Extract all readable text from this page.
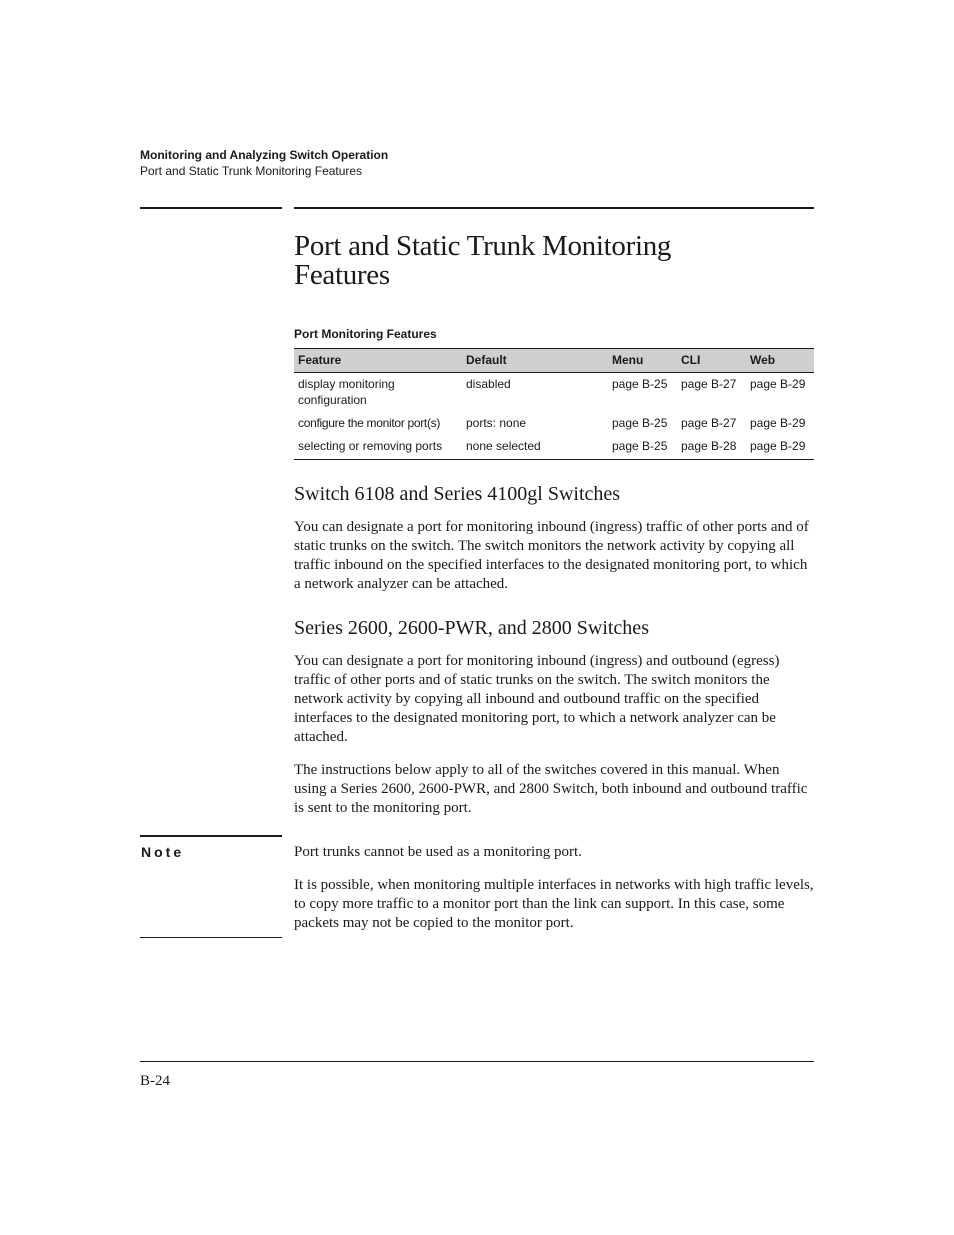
Monitoring and Analyzing Switch Operation
Port and Static Trunk Monitoring Features
Port and Static Trunk Monitoring
Features
Port Monitoring Features
Feature	Default	Menu	CLI	Web
display monitoring
configuration	disabled	page B-25	page B-27	page B-29
configure the monitor port(s)	ports: none	page B-25	page B-27	page B-29
selecting or removing ports	none selected	page B-25	page B-28	page B-29
Switch 6108 and Series 4100gl Switches

You can designate a port for monitoring inbound (ingress) traffic of other ports and of static trunks on the switch. The switch monitors the network activity by copying all traffic inbound on the specified interfaces to the designated monitoring port, to which a network analyzer can be attached.

Series 2600, 2600-PWR, and 2800 Switches

You can designate a port for monitoring inbound (ingress) and outbound (egress) traffic of other ports and of static trunks on the switch. The switch monitors the network activity by copying all inbound and outbound traffic on the specified interfaces to the designated monitoring port, to which a network analyzer can be attached.

The instructions below apply to all of the switches covered in this manual. When using a Series 2600, 2600-PWR, and 2800 Switch, both inbound and outbound traffic is sent to the monitoring port.

Note	Port trunks cannot be used as a monitoring port.

It is possible, when monitoring multiple interfaces in networks with high traffic levels, to copy more traffic to a monitor port than the link can support. In this case, some packets may not be copied to the monitor port.

B-24
